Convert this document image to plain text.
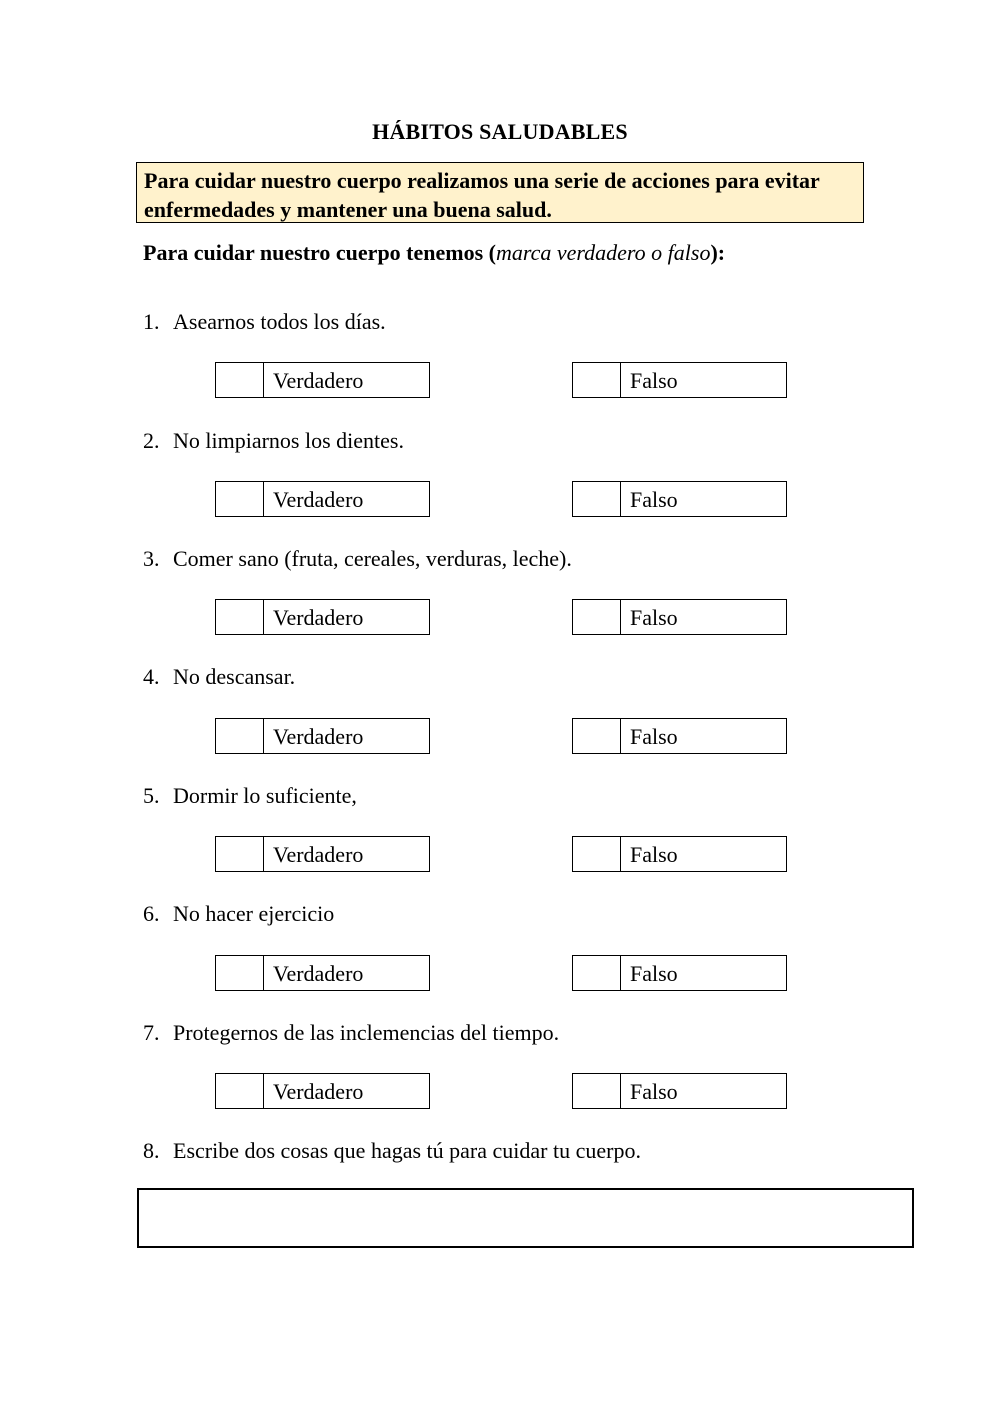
HÁBITOS SALUDABLES
Para cuidar nuestro cuerpo realizamos una serie de acciones para evitar enfermedades y mantener una buena salud.
Para cuidar nuestro cuerpo tenemos (marca verdadero o falso):
1. Asearnos todos los días.
Verdadero	Falso
2. No limpiarnos los dientes.
Verdadero	Falso
3. Comer sano (fruta, cereales, verduras, leche).
Verdadero	Falso
4. No descansar.
Verdadero	Falso
5. Dormir lo suficiente,
Verdadero	Falso
6. No hacer ejercicio
Verdadero	Falso
7. Protegernos de las inclemencias del tiempo.
Verdadero	Falso
8. Escribe dos cosas que hagas tú para cuidar tu cuerpo.
